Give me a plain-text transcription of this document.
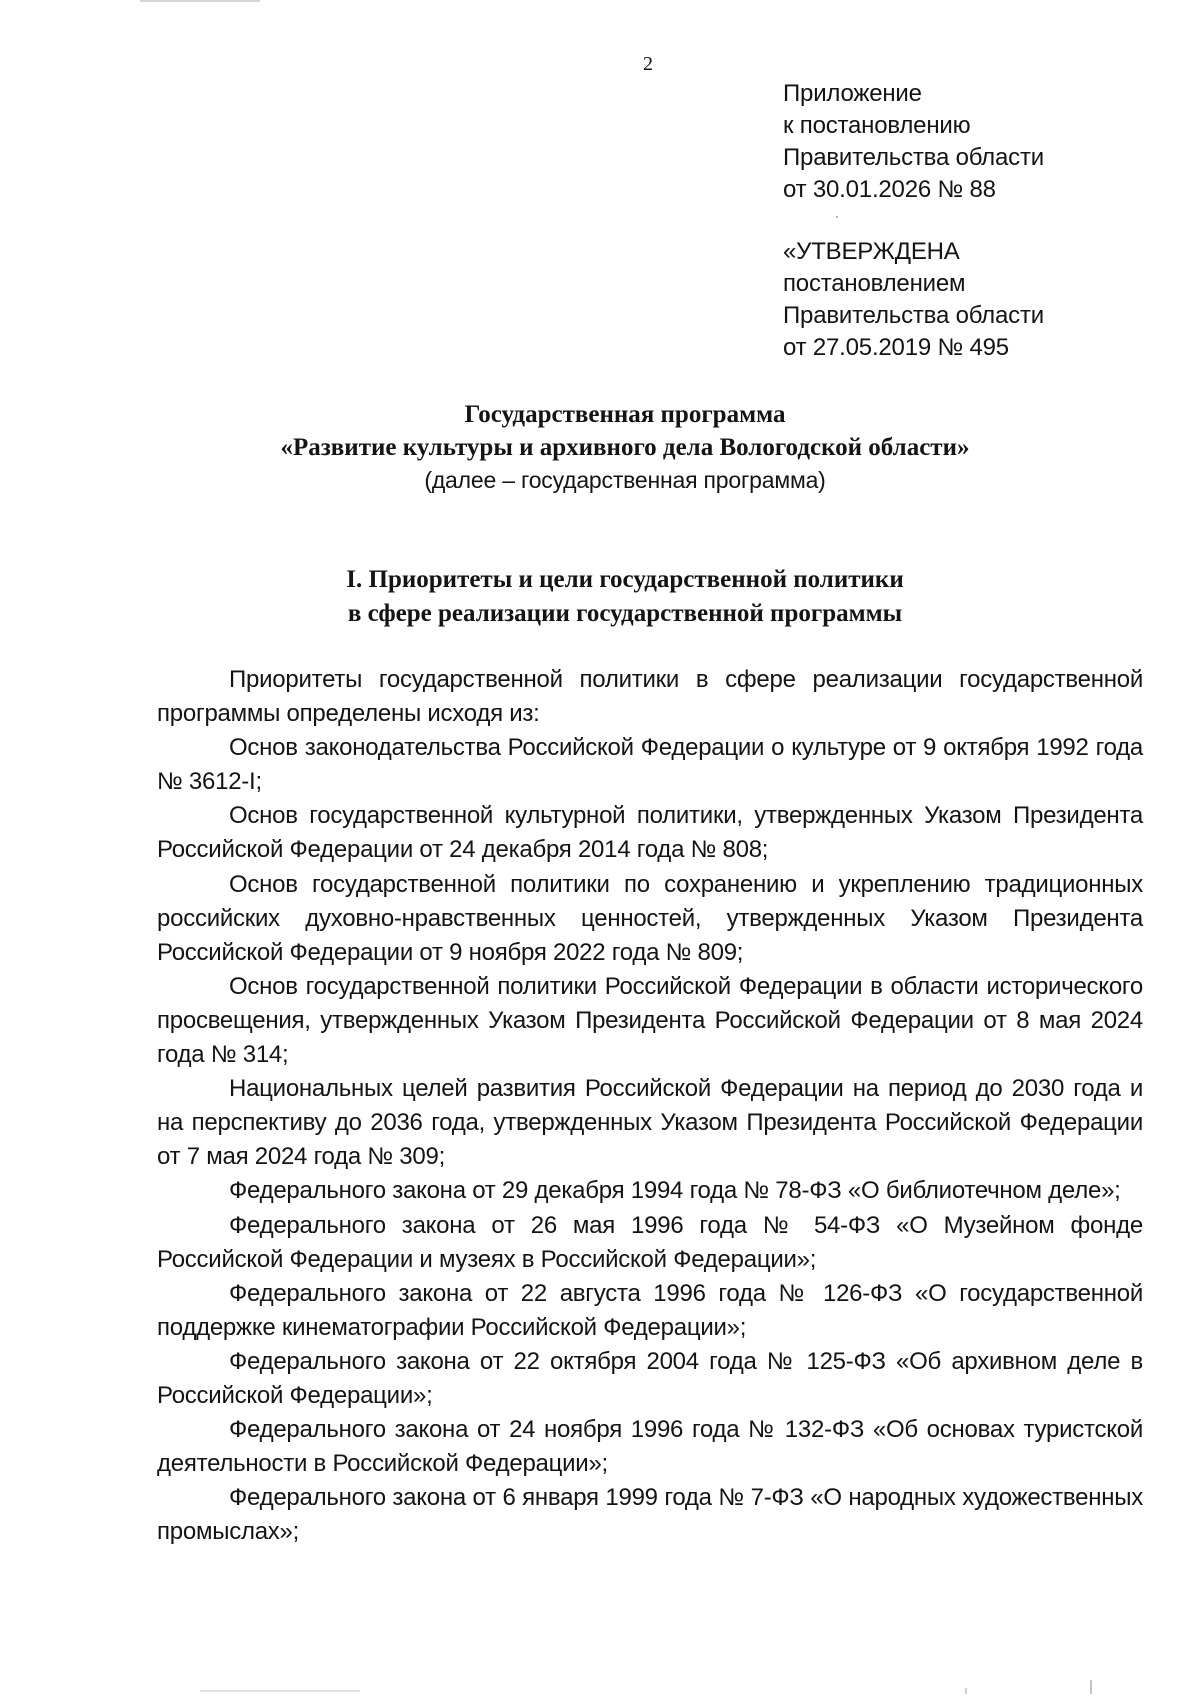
2
Приложение
к постановлению
Правительства области
от 30.01.2026 № 88
«УТВЕРЖДЕНА
постановлением
Правительства области
от 27.05.2019 № 495
Государственная программа
«Развитие культуры и архивного дела Вологодской области»
(далее – государственная программа)
I. Приоритеты и цели государственной политики
в сфере реализации государственной программы

Приоритеты государственной политики в сфере реализации государственной программы определены исходя из:

Основ законодательства Российской Федерации о культуре от 9 октября 1992 года № 3612-I;

Основ государственной культурной политики, утвержденных Указом Президента Российской Федерации от 24 декабря 2014 года № 808;

Основ государственной политики по сохранению и укреплению традиционных российских духовно-нравственных ценностей, утвержденных Указом Президента Российской Федерации от 9 ноября 2022 года № 809;

Основ государственной политики Российской Федерации в области исторического просвещения, утвержденных Указом Президента Российской Федерации от 8 мая 2024 года № 314;

Национальных целей развития Российской Федерации на период до 2030 года и на перспективу до 2036 года, утвержденных Указом Президента Российской Федерации от 7 мая 2024 года № 309;

Федерального закона от 29 декабря 1994 года № 78-ФЗ «О библиотечном деле»;

Федерального закона от 26 мая 1996 года № 54-ФЗ «О Музейном фонде Российской Федерации и музеях в Российской Федерации»;

Федерального закона от 22 августа 1996 года № 126-ФЗ «О государственной поддержке кинематографии Российской Федерации»;

Федерального закона от 22 октября 2004 года № 125-ФЗ «Об архивном деле в Российской Федерации»;

Федерального закона от 24 ноября 1996 года № 132-ФЗ «Об основах туристской деятельности в Российской Федерации»;

Федерального закона от 6 января 1999 года № 7-ФЗ «О народных художественных промыслах»;
